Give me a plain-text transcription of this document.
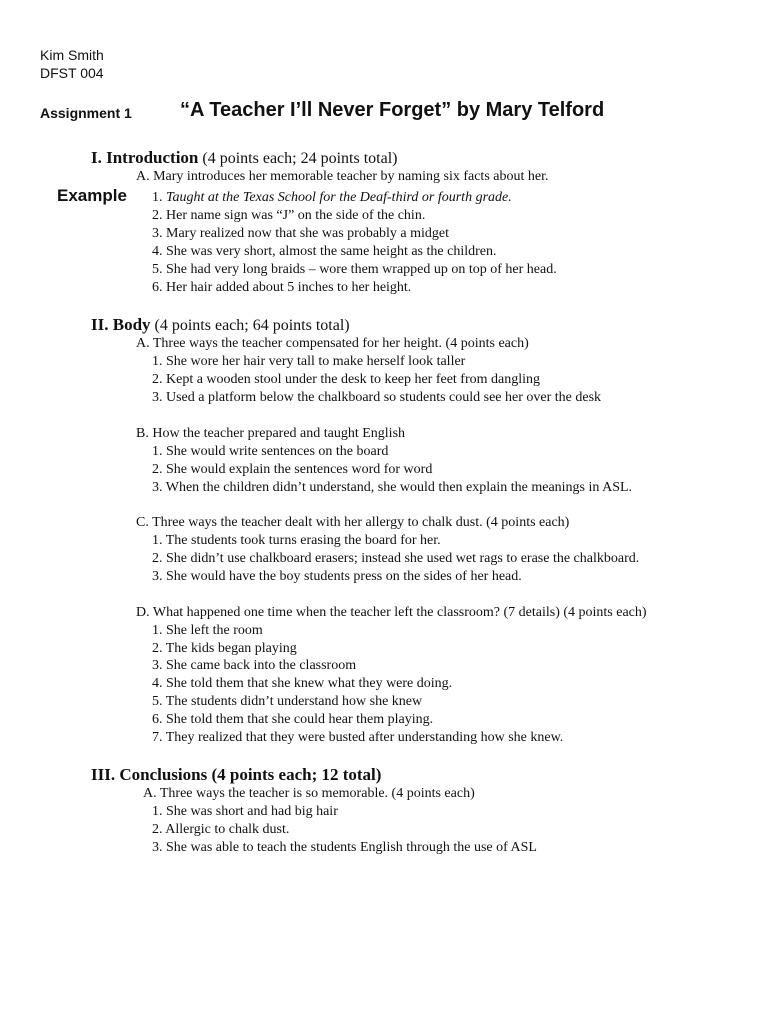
Kim Smith
DFST 004
Assignment 1 “A Teacher I’ll Never Forget” by Mary Telford
I. Introduction (4 points each; 24 points total)
A. Mary introduces her memorable teacher by naming six facts about her.
Example 1. Taught at the Texas School for the Deaf-third or fourth grade.
2. Her name sign was “J” on the side of the chin.
3. Mary realized now that she was probably a midget
4. She was very short, almost the same height as the children.
5. She had very long braids – wore them wrapped up on top of her head.
6. Her hair added about 5 inches to her height.
II. Body (4 points each; 64 points total)
A. Three ways the teacher compensated for her height. (4 points each)
1. She wore her hair very tall to make herself look taller
2. Kept a wooden stool under the desk to keep her feet from dangling
3. Used a platform below the chalkboard so students could see her over the desk
B. How the teacher prepared and taught English
1. She would write sentences on the board
2. She would explain the sentences word for word
3. When the children didn’t understand, she would then explain the meanings in ASL.
C. Three ways the teacher dealt with her allergy to chalk dust. (4 points each)
1. The students took turns erasing the board for her.
2. She didn’t use chalkboard erasers; instead she used wet rags to erase the chalkboard.
3. She would have the boy students press on the sides of her head.
D. What happened one time when the teacher left the classroom? (7 details) (4 points each)
1. She left the room
2. The kids began playing
3. She came back into the classroom
4. She told them that she knew what they were doing.
5. The students didn’t understand how she knew
6. She told them that she could hear them playing.
7. They realized that they were busted after understanding how she knew.
III. Conclusions (4 points each; 12 total)
A. Three ways the teacher is so memorable. (4 points each)
1. She was short and had big hair
2. Allergic to chalk dust.
3. She was able to teach the students English through the use of ASL
